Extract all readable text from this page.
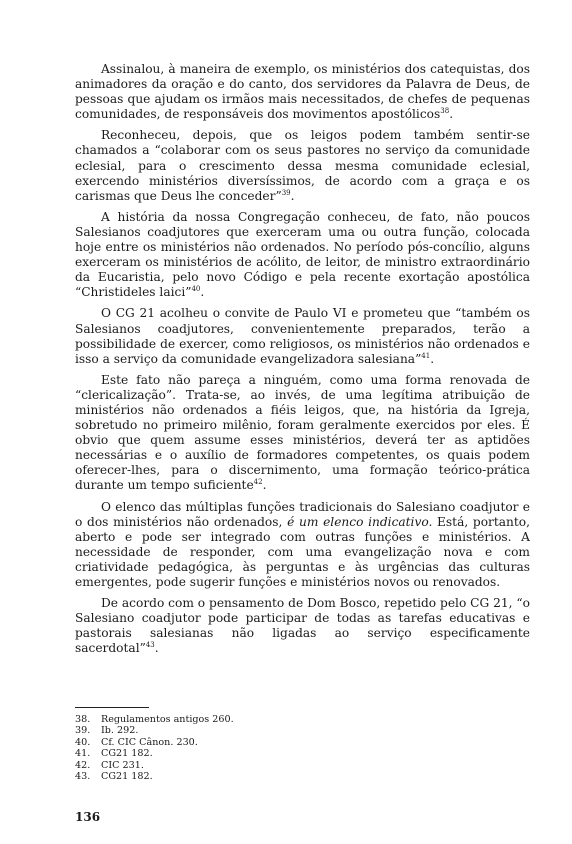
Assinalou, à maneira de exemplo, os ministérios dos catequistas, dos animadores da oração e do canto, dos servidores da Palavra de Deus, de pessoas que ajudam os irmãos mais necessitados, de chefes de pequenas comunidades, de responsáveis dos movimentos apostólicos$^{38}$.

Reconheceu, depois, que os leigos podem também sentir-se chamados a “colaborar com os seus pastores no serviço da comunidade eclesial, para o crescimento dessa mesma comunidade eclesial, exercendo ministérios diversíssimos, de acordo com a graça e os carismas que Deus lhe conceder”$^{39}$.

A história da nossa Congregação conheceu, de fato, não poucos Salesianos coadjutores que exerceram uma ou outra função, colocada hoje entre os ministérios não ordenados. No período pós-concílio, alguns exerceram os ministérios de acólito, de leitor, de ministro extraordinário da Eucaristia, pelo novo Código e pela recente exortação apostólica “Christideles laici”$^{40}$.

O CG 21 acolheu o convite de Paulo VI e prometeu que “também os Salesianos coadjutores, convenientemente preparados, terão a possibilidade de exercer, como religiosos, os ministérios não ordenados e isso a serviço da comunidade evangelizadora salesiana”$^{41}$.

Este fato não pareça a ninguém, como uma forma renovada de “clericalização”. Trata-se, ao invés, de uma legítima atribuição de ministérios não ordenados a fiéis leigos, que, na história da Igreja, sobretudo no primeiro milênio, foram geralmente exercidos por eles. É obvio que quem assume esses ministérios, deverá ter as aptidões necessárias e o auxílio de formadores competentes, os quais podem oferecer-lhes, para o discernimento, uma formação teórico-prática durante um tempo suficiente$^{42}$.

O elenco das múltiplas funções tradicionais do Salesiano coadjutor e o dos ministérios não ordenados, é um elenco indicativo. Está, portanto, aberto e pode ser integrado com outras funções e ministérios. A necessidade de responder, com uma evangelização nova e com criatividade pedagógica, às perguntas e às urgências das culturas emergentes, pode sugerir funções e ministérios novos ou renovados.

De acordo com o pensamento de Dom Bosco, repetido pelo CG 21, “o Salesiano coadjutor pode participar de todas as tarefas educativas e pastorais salesianas não ligadas ao serviço especificamente sacerdotal”$^{43}$.

38.	Regulamentos antigos 260.
39.	Ib. 292.
40.	Cf. CIC Cânon. 230.
41.	CG21 182.
42.	CIC 231.
43.	CG21 182.
136
